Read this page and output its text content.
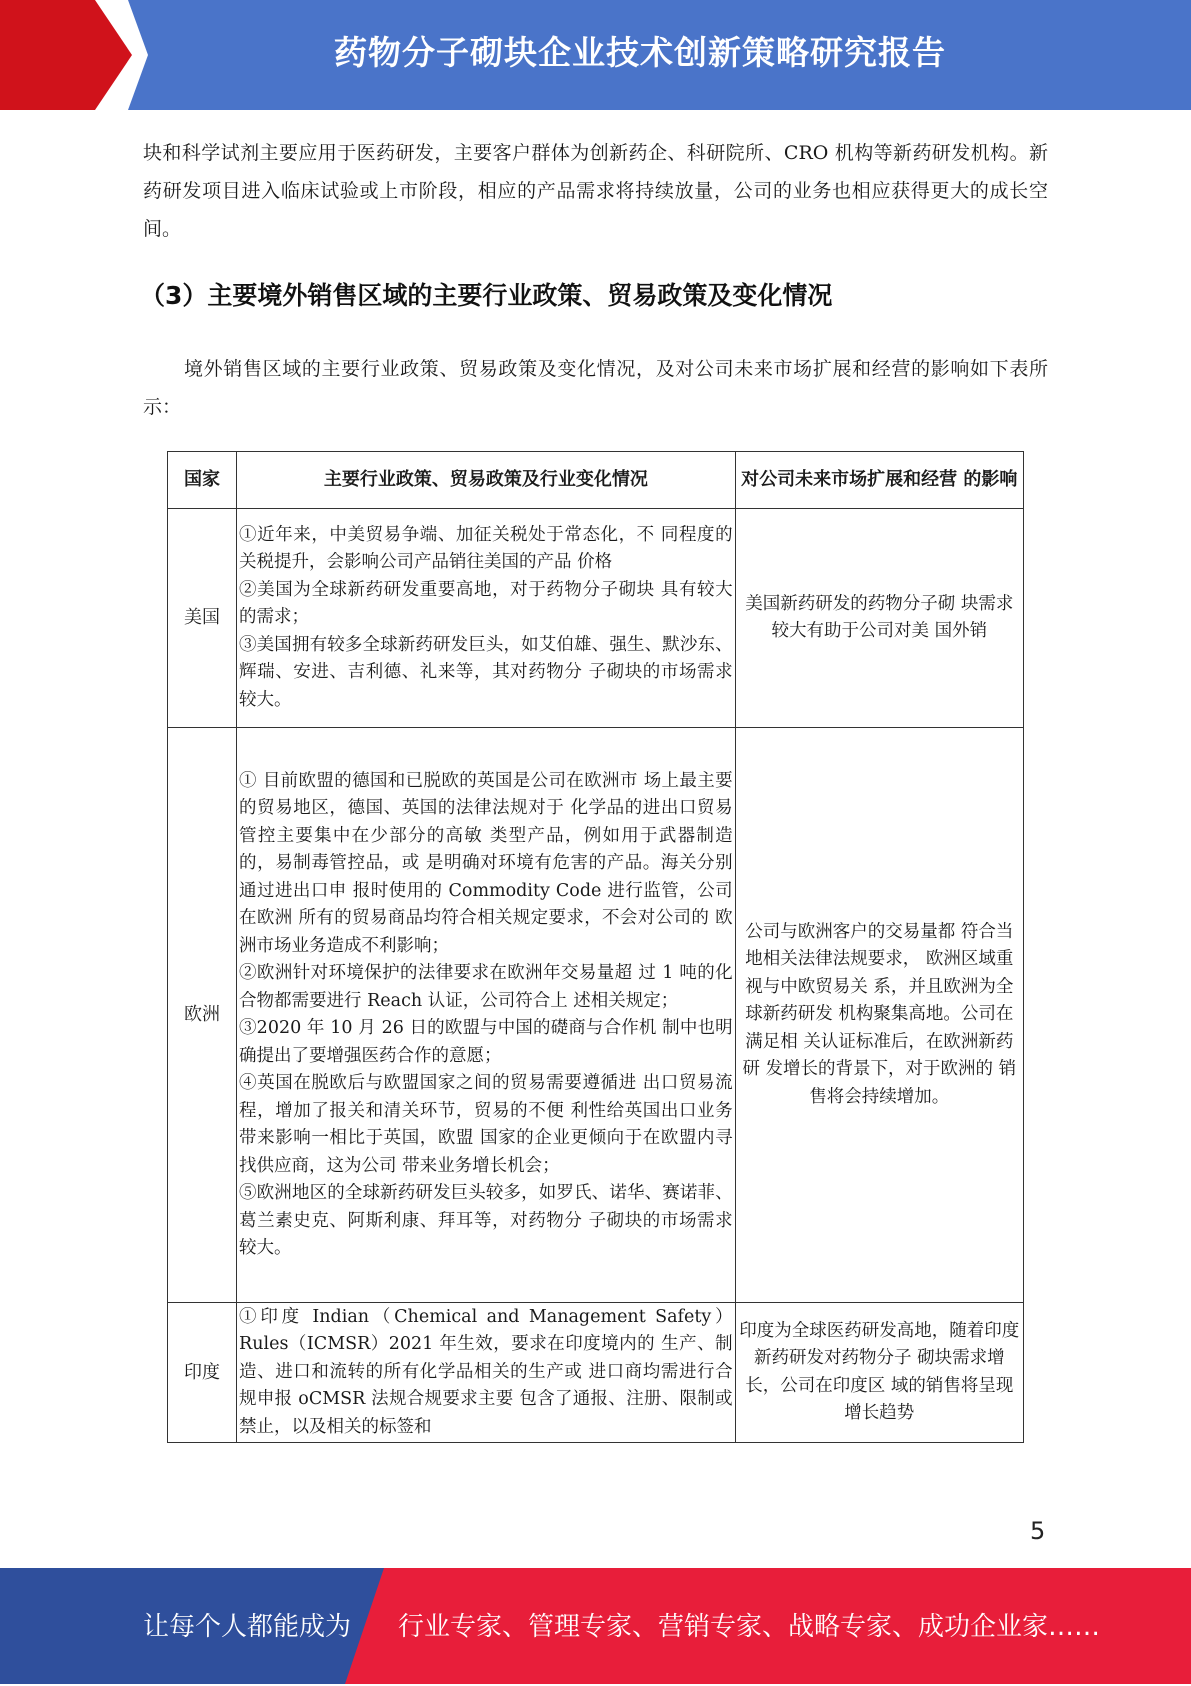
药物分子砌块企业技术创新策略研究报告

块和科学试剂主要应用于医药研发，主要客户群体为创新药企、科研院所、CRO 机构等新药研发机构。新药研发项目进入临床试验或上市阶段，相应的产品需求将持续放量，公司的业务也相应获得更大的成长空间。

（3）主要境外销售区域的主要行业政策、贸易政策及变化情况

境外销售区域的主要行业政策、贸易政策及变化情况，及对公司未来市场扩展和经营的影响如下表所示：

国家	主要行业政策、贸易政策及行业变化情况	对公司未来市场扩展和经营 的影响
美国	①近年来，中美贸易争端、加征关税处于常态化，不 同程度的关税提升，会影响公司产品销往美国的产品 价格
②美国为全球新药研发重要高地，对于药物分子砌块 具有较大的需求；
③美国拥有较多全球新药研发巨头，如艾伯雄、强生、默沙东、辉瑞、安进、吉利德、礼来等，其对药物分 子砌块的市场需求较大。	美国新药研发的药物分子砌 块需求较大有助于公司对美 国外销
欧洲	① 目前欧盟的德国和已脱欧的英国是公司在欧洲市 场上最主要的贸易地区，德国、英国的法律法规对于 化学品的进出口贸易管控主要集中在少部分的高敏 类型产品，例如用于武器制造的，易制毒管控品，或 是明确对环境有危害的产品。海关分别通过进出口申 报时使用的 Commodity Code 进行监管，公司在欧洲 所有的贸易商品均符合相关规定要求，不会对公司的 欧洲市场业务造成不利影响；
②欧洲针对环境保护的法律要求在欧洲年交易量超 过 1 吨的化合物都需要进行 Reach 认证，公司符合上 述相关规定；
③2020 年 10 月 26 日的欧盟与中国的礎商与合作机 制中也明确提出了要增强医药合作的意愿；
④英国在脱欧后与欧盟国家之间的贸易需要遵循进 出口贸易流程，增加了报关和清关环节，贸易的不便 利性给英国出口业务带来影响一相比于英国，欧盟 国家的企业更倾向于在欧盟内寻找供应商，这为公司 带来业务增长机会；
⑤欧洲地区的全球新药研发巨头较多，如罗氏、诺华、赛诺菲、葛兰素史克、阿斯利康、拜耳等，对药物分 子砌块的市场需求较大。	公司与欧洲客户的交易量都 符合当地相关法律法规要求， 欧洲区域重视与中欧贸易关 系，并且欧洲为全球新药研发 机构聚集高地。公司在满足相 关认证标准后，在欧洲新药研 发增长的背景下，对于欧洲的 销售将会持续增加。
印度	①印度 Indian（Chemical and Management Safety）Rules（ICMSR）2021 年生效，要求在印度境内的 生产、制造、进口和流转的所有化学品相关的生产或 进口商均需进行合规申报 oCMSR 法规合规要求主要 包含了通报、注册、限制或禁止，以及相关的标签和	印度为全球医药研发高地，随着印度新药研发对药物分子 砌块需求增长，公司在印度区 域的销售将呈现增长趋势
5
让每个人都能成为 行业专家、管理专家、营销专家、战略专家、成功企业家……
